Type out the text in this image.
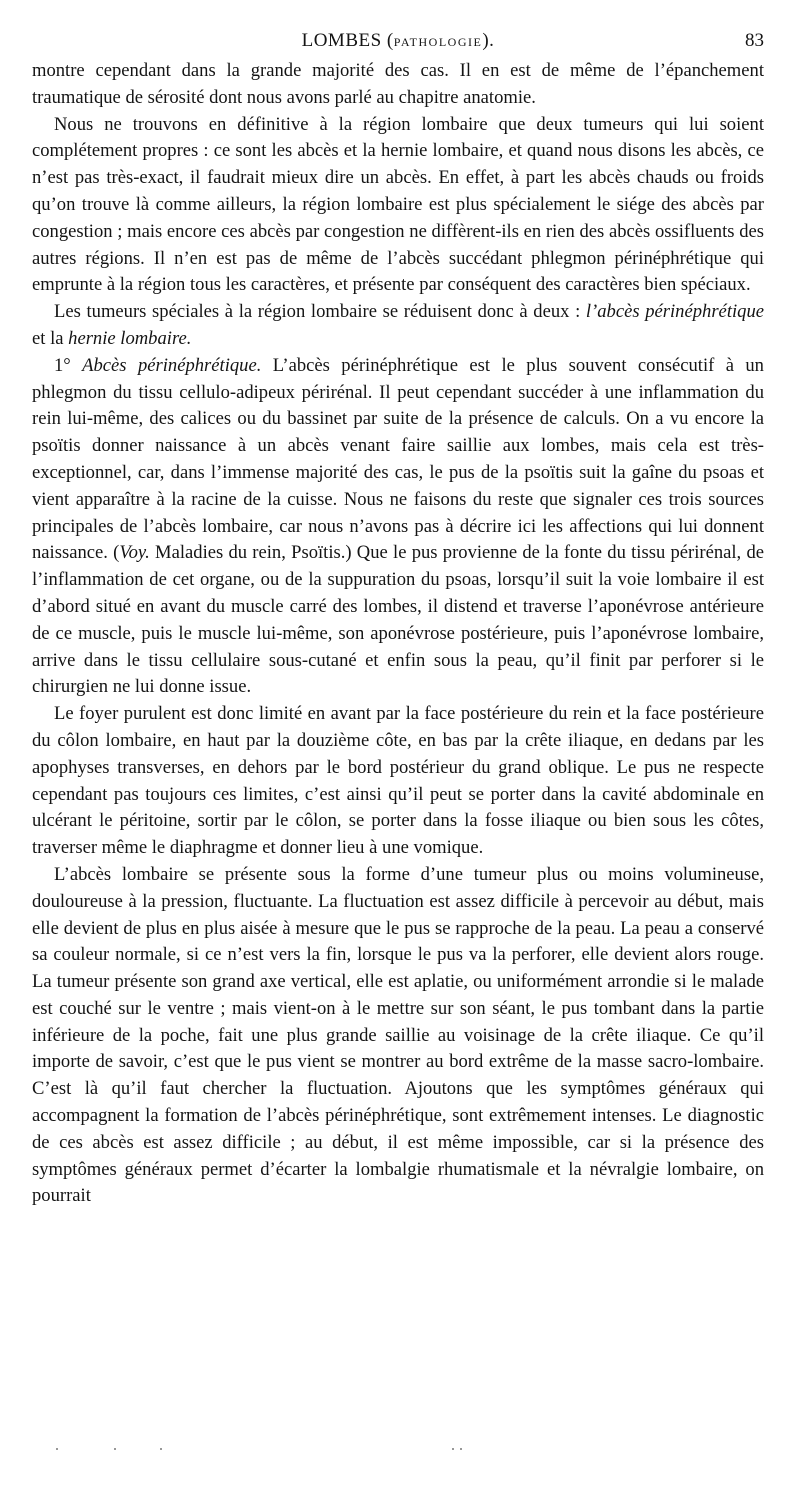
LOMBES (PATHOLOGIE).	83

montre cependant dans la grande majorité des cas. Il en est de même de l’épanchement traumatique de sérosité dont nous avons parlé au chapitre anatomie.

Nous ne trouvons en définitive à la région lombaire que deux tumeurs qui lui soient complétement propres : ce sont les abcès et la hernie lombaire, et quand nous disons les abcès, ce n’est pas très-exact, il faudrait mieux dire un abcès. En effet, à part les abcès chauds ou froids qu’on trouve là comme ailleurs, la région lombaire est plus spécialement le siége des abcès par congestion ; mais encore ces abcès par congestion ne diffèrent-ils en rien des abcès ossifluents des autres régions. Il n’en est pas de même de l’abcès succédant phlegmon périnéphrétique qui emprunte à la région tous les caractères, et présente par conséquent des caractères bien spéciaux.

Les tumeurs spéciales à la région lombaire se réduisent donc à deux : l’abcès périnéphrétique et la hernie lombaire.

1° Abcès périnéphrétique. L’abcès périnéphrétique est le plus souvent consécutif à un phlegmon du tissu cellulo-adipeux périrénal. Il peut cependant succéder à une inflammation du rein lui-même, des calices ou du bassinet par suite de la présence de calculs. On a vu encore la psoïtis donner naissance à un abcès venant faire saillie aux lombes, mais cela est très-exceptionnel, car, dans l’immense majorité des cas, le pus de la psoïtis suit la gaîne du psoas et vient apparaître à la racine de la cuisse. Nous ne faisons du reste que signaler ces trois sources principales de l’abcès lombaire, car nous n’avons pas à décrire ici les affections qui lui donnent naissance. (Voy. Maladies du rein, Psoïtis.) Que le pus provienne de la fonte du tissu périrénal, de l’inflammation de cet organe, ou de la suppuration du psoas, lorsqu’il suit la voie lombaire il est d’abord situé en avant du muscle carré des lombes, il distend et traverse l’aponévrose antérieure de ce muscle, puis le muscle lui-même, son aponévrose postérieure, puis l’aponévrose lombaire, arrive dans le tissu cellulaire sous-cutané et enfin sous la peau, qu’il finit par perforer si le chirurgien ne lui donne issue.

Le foyer purulent est donc limité en avant par la face postérieure du rein et la face postérieure du côlon lombaire, en haut par la douzième côte, en bas par la crête iliaque, en dedans par les apophyses transverses, en dehors par le bord postérieur du grand oblique. Le pus ne respecte cependant pas toujours ces limites, c’est ainsi qu’il peut se porter dans la cavité abdominale en ulcérant le péritoine, sortir par le côlon, se porter dans la fosse iliaque ou bien sous les côtes, traverser même le diaphragme et donner lieu à une vomique.

L’abcès lombaire se présente sous la forme d’une tumeur plus ou moins volumineuse, douloureuse à la pression, fluctuante. La fluctuation est assez difficile à percevoir au début, mais elle devient de plus en plus aisée à mesure que le pus se rapproche de la peau. La peau a conservé sa couleur normale, si ce n’est vers la fin, lorsque le pus va la perforer, elle devient alors rouge. La tumeur présente son grand axe vertical, elle est aplatie, ou uniformément arrondie si le malade est couché sur le ventre ; mais vient-on à le mettre sur son séant, le pus tombant dans la partie inférieure de la poche, fait une plus grande saillie au voisinage de la crête iliaque. Ce qu’il importe de savoir, c’est que le pus vient se montrer au bord extrême de la masse sacro-lombaire. C’est là qu’il faut chercher la fluctuation. Ajoutons que les symptômes généraux qui accompagnent la formation de l’abcès périnéphrétique, sont extrêmement intenses. Le diagnostic de ces abcès est assez difficile ; au début, il est même impossible, car si la présence des symptômes généraux permet d’écarter la lombalgie rhumatismale et la névralgie lombaire, on pourrait
